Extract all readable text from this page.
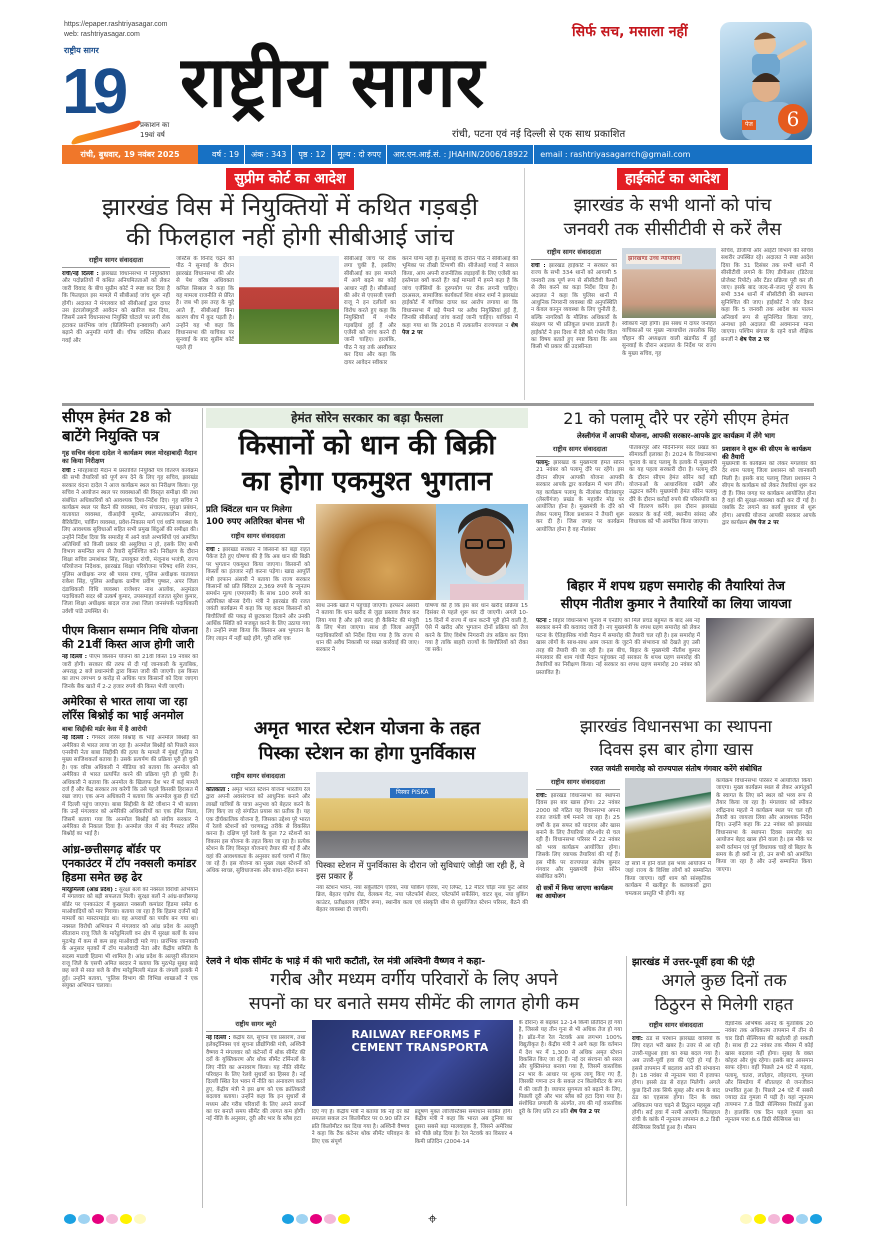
https://epaper.rashtriyasagar.com
web: rashtriyasagar.com
राष्ट्रीय सागर
19 प्रकाशन का
19वां वर्ष
राष्ट्रीय सागर
सिर्फ सच, मसाला नहीं
रांची, पटना एवं नई दिल्ली से एक साथ प्रकाशित
पेज	6
रांची, बुधवार, 19 नवंबर 2025	वर्ष : 19	अंक : 343	पृष्ठ : 12	मूल्य : दो रुपए	आर.एन.आई.सं. : JHAHIN/2006/18922	email : rashtriyasagarrch@gmail.com
सुप्रीम कोर्ट का आदेश
झारखंड विस में नियुक्तियों में कथित गड़बड़ी
की फिलहाल नहीं होगी सीबीआई जांच
राष्ट्रीय सागर संवाददाता
रांची/नई दिल्ली : झारखंड विधानसभा में नियुक्तियों और पदोन्नतियों में कथित अनियमितताओं को लेकर जारी विवाद के बीच सुप्रीम कोर्ट ने स्पष्ट कर दिया है कि फिलहाल इस मामले में सीबीआई जांच शुरू नहीं होगी। अदालत ने मंगलवार को सीबीआई द्वारा दायर उस इंटरलोक्यूटरी आवेदन को खारिज कर दिया, जिसमें उसने विधानसभा नियुक्ति घोटाले पर लगी रोक हटाकर प्रारंभिक जांच (प्रिलिमिनरी इन्क्वायरी) आगे बढ़ाने की अनुमति मांगी थी। चीफ जस्टिस बीआर गवई और
जस्टिस के विनोद चंद्रन की पीठ ने सुनवाई के दौरान झारखंड विधानसभा की ओर से पेश वरिष्ठ अधिवक्ता कपिल सिब्बल ने कहा कि यह मामला राजनीति से प्रेरित है। जब भी इस तरह के मुद्दे आते हैं, सीबीआई बिना कारण बीच में कूद पड़ती है। उन्होंने यह भी कहा कि विधानसभा की याचिका पर सुनवाई के बाद सुप्रीम कोर्ट पहले ही
सीबीआई जांच पर रोक लगा चुकी है, इसलिए सीबीआई का इस मामले में आगे बढ़ने का कोई आधार नहीं है। सीबीआई की ओर से एएसजी एसवी राजू ने इन दलीलों का विरोध करते हुए कहा कि नियुक्तियों में गंभीर गड़बड़ियां हुई हैं और एजेंसी को जांच करने दी जानी चाहिए। हालांकि, पीठ ने यह तर्क अस्वीकार कर दिया और कहा कि दायर आवेदन स्वीकार
करने योग्य नहीं है। सुनवाई के दौरान पीठ ने सीबीआई की भूमिका पर तीखी टिप्पणी की। सीजेआई गवई ने सवाल किया, आप अपनी राजनीतिक लड़ाइयों के लिए एजेंसी का इस्तेमाल क्यों करते हैं? कई मामलों में हमने कहा है कि जांच एजेंसियों के दुरुपयोग पर रोक लगनी चाहिए। दरअसल, सामाजिक कार्यकर्ता शिव शंकर शर्मा ने झारखंड हाईकोर्ट में याचिका दायर कर आरोप लगाया था कि विधानसभा में बड़े पैमाने पर अवैध नियुक्तियां हुई हैं, जिनकी सीबीआई जांच कराई जानी चाहिए। याचिका में कहा गया था कि 2018 में तत्कालीन राज्यपाल न शेष पेज 2 पर
हाईकोर्ट का आदेश
झारखंड के सभी थानों को पांच
जनवरी तक सीसीटीवी से करें लैस
राष्ट्रीय सागर संवाददाता
रांची : झारखंड हाईकोर्ट ने सरकार को राज्य के सभी 334 थानों को आगामी 5 जनवरी तक पूर्ण रूप से सीसीटीवी कैमरों से लैस करने का कड़ा निर्देश दिया है। अदालत ने कहा कि पुलिस थानों में आधुनिक निगरानी व्यवस्था की अनुपस्थिति न केवल कानून व्यवस्था के लिए चुनौती है, बल्कि नागरिकों के मौलिक अधिकारों के संरक्षण पर भी प्रतिकूल प्रभाव डालती है। हाईकोर्ट ने इस दिशा में देरी को गंभीर चिंता का विषय बताते हुए स्पष्ट किया कि अब किसी भी प्रकार की उदासीनता
झारखण्ड उच्च न्यायालय
स्वीकार्य नहीं होगी। इस संबंध में दायर जनहित याचिकाओं पर मुख्य न्यायाधीश तारलोक सिंह चौहान की अध्यक्षता वाली खंडपीठ में हुई सुनवाई के दौरान अदालत के निर्देश पर राज्य के मुख्य सचिव, गृह
सचिव, डीजीपी और आईटी विभाग की सचिव सशरीर उपस्थित रहे। अदालत ने स्पष्ट आदेश दिया कि 31 दिसंबर तक सभी थानों में सीसीटीवी लगाने के लिए डीपीआर (डिटेल्ड प्रोजेक्ट रिपोर्ट) और टेंडर प्रक्रिया पूरी कर ली जाए। इसके बाद जल्द-से-जल्द पूरे राज्य के सभी 334 थानों में सीसीटीवी की स्थापना सुनिश्चित की जाए। हाईकोर्ट ने जोर देकर कहा कि 5 जनवरी तक आदेश का पालन अनिवार्य रूप से सुनिश्चित किया जाए, अन्यथा इसे अदालत की अवमानना माना जाएगा। पश्चिम बंगाल के रहने वाले शैक्षिक बनर्जी ने शेष पेज 2 पर
सीएम हेमंत 28 को बाटेंगे नियुक्ति पत्र
गृह सचिव वंदना दादेल ने कार्यक्रम स्थल मोरहाबादी मैदान का किया निरीक्षण
रांची : मोरहाबादी मैदान में प्रस्तावित नियुक्ति पत्र वितरण कार्यक्रम की सभी तैयारियों को पूर्ण रूप देने के लिए गृह सचिव, झारखंड सरकार वंदना दादेल ने आज कार्यक्रम स्थल का निरीक्षण किया। गृह सचिव ने आयोजन स्थल पर व्यवस्थाओं की विस्तृत समीक्षा की तथा संबंधित अधिकारियों को आवश्यक दिशा-निर्देश दिए। गृह सचिव ने कार्यक्रम स्थल पर बैठने की व्यवस्था, मंच संचालन, सुरक्षा प्रबंधन, यातायात व्यवस्था, वीआईपी मूवमेंट, आपातकालीन सेवाएं, बैरिकेडिंग, पार्किंग व्यवस्था, प्रवेश-निकास मार्ग एवं ध्वनि व्यवस्था के लिए आवश्यक सुविधाओं सहित सभी प्रमुख बिंदुओं की समीक्षा की। उन्होंने निर्देश दिया कि समारोह में आने वाले अभ्यर्थियों एवं आमंत्रित अतिथियों को किसी प्रकार की असुविधा न हो, इसके लिए सभी विभाग समन्वित रूप से तैयारी सुनिश्चित करें। निरीक्षण के दौरान शिक्षा सचिव उमाशंकर सिंह, उपायुक्त रांची, मंजूनाथ भजंत्री, राज्य परियोजना निदेशक, झारखंड शिक्षा परियोजना परिषद शशि रंजन, पुलिस अधीक्षक नगर श्री पारस राणा, पुलिस अधीक्षक यातायात राकेश सिंह, पुलिस अधीक्षक ग्रामीण प्रवीण पुष्कर, अपर जिला दंडाधिकारी विधि व्यवस्था राजेश्वर नाथ आलोक, अनुमंडल पदाधिकारी सदर श्री उत्कर्ष कुमार, उपसमाहर्ता रजतत सुरेश कुमार, जिला शिक्षा अधीक्षक बादल राज तथा जिला जनसंपर्क पदाधिकारी उर्वशी पांडे उपस्थित थे।
पीएम किसान सम्मान निधि योजना की 21वीं किस्त आज होगी जारी
नई दिल्ली : पीएम किसान योजना की 21वीं किस्त 19 नवंबर को जारी होगी। सरकार की तरफ से दी गई जानकारी के मुताबिक, अपराह्न 2 बजे प्रधानमंत्री द्वारा किस्त जारी की जाएगी। इस किस्त का लाभ लगभग 9 करोड़ से अधिक पात्र किसानों को दिया जाएगा जिनके बैंक खाते में 2-2 हजार रुपये की किस्त भेजी जाएगी।
अमेरिका से भारत लाया जा रहा लॉरेंस बिश्नोई का भाई अनमोल
बाबा सिद्दीकी मर्डर केस में है आरोपी
नई दिल्ली : गैंगस्टर लॉरेंस बिश्नोई के भाई अनमोल बिश्नोई को अमेरिका से भारत लाया जा रहा है। अनमोल बिश्नोई को पिछले साल एनसीपी नेता बाबा सिद्दीकी की हत्या के मामले में मुंबई पुलिस ने मुख्य साजिशकर्ता बताया है। उसके प्रत्यर्पण की प्रक्रिया पूरी हो चुकी है। एक वरिष्ठ अधिकारी ने मीडिया को बताया कि अनमोल को अमेरिका से भारत प्रत्यर्पित करने की प्रक्रिया पूरी हो चुकी है। अधिकारी ने बताया कि अनमोल के खिलाफ देश भर में कई मामले दर्ज हैं और केंद्र सरकार तय करेगी कि उसे पहले किसकी हिरासत में रखा जाए। एक अन्य अधिकारी ने बताया कि अनमोल कुछ ही घंटों में दिल्ली पहुंच जाएगा। बाबा सिद्दीकी के बेटे जीशान ने भी बताया कि उन्हें मंगलवार को अमेरिकी अधिकारियों का एक ईमेल मिला, जिसमें बताया गया कि अनमोल बिश्नोई को संघीय सरकार ने अमेरिका से निकाल दिया है। अनमोल जेल में बंद गैंगस्टर लॉरेंस बिश्नोई का भाई है।
आंध्र-छत्तीसगढ़ बॉर्डर पर एनकाउंटर में टॉप नक्सली कमांडर हिडमा समेत छह ढेर
मारेडुमिल्ली (आंध्र प्रदेश) : सुरक्षा बलों को नक्सल विरोधी अभियान में मंगलवार को बड़ी सफलता मिली। सुरक्षा बलों ने आंध्र-छत्तीसगढ़ बॉर्डर पर एनकाउंटर में कुख्यात नक्सली कमांडर हिडमा समेत 6 माओवादियों को मार गिराया। बताया जा रहा है कि हिडमा दर्जनों बड़े मामलों का मास्टरमाइंड था। वह अपराधों का पर्याय बन गया था। नक्सल विरोधी अभियान में मंगलवार को आंध्र प्रदेश के अल्लूरी सीताराम राजू जिले के मारेडुमिल्ली वन क्षेत्र में सुरक्षा बलों के साथ मुठभेड़ में कम से कम छह माओवादी मारे गए। प्रारंभिक जानकारी के अनुसार मृतकों में टॉप माओवादी नेता और केंद्रीय समिति के सदस्य माडवी हिडमा भी शामिल है। आंध्र प्रदेश के अल्लूरी सीताराम राजू जिले के एसपी अमित बरदार ने बताया कि मुठभेड़ सुबह साढ़े छह बजे से सात बजे के बीच मारेडुमिल्ली मंडल के जंगली इलाके में हुई। उन्होंने बताया, 'पुलिस विभाग की विभिन्न शाखाओं ने एक संयुक्त अभियान चलाया।
हेमंत सोरेन सरकार का बड़ा फैसला
किसानों को धान की बिक्री
का होगा एकमुश्त भुगतान
प्रति क्विंटल धान पर मिलेगा 100 रुपए अतिरिक्त बोनस भी
राष्ट्रीय सागर संवाददाता
रांची : झारखंड सरकार ने किसानों को बड़ा राहत पैकेज देते हुए घोषणा की है कि अब धान की बिक्री पर भुगतान एकमुश्त किया जाएगा। किसानों को किस्तों का इंतजार नहीं करना पड़ेगा। खाद्य आपूर्ति मंत्री इरफान अंसारी ने बताया कि राज्य सरकार किसानों को प्रति क्विंटल 2,369 रुपये के न्यूनतम समर्थन मूल्य (एमएसपी) के साथ 100 रुपये का अतिरिक्त बोनस देगी। मंत्री ने झारखंड की रजत जयंती कार्यक्रम में कहा कि यह कदम किसानों को बिचौलियों की पकड़ से छुटकारा दिलाने और उनकी आर्थिक स्थिति को मजबूत करने के लिए उठाया गया है। उन्होंने स्पष्ट किया कि किसान अब भुगतान के लिए लाइन में नहीं खड़े होंगे, पूरी राशि एक
साथ उनके खाते में पहुंचाई जाएगी। इरफान अंसारी ने बताया कि धान खरीद से जुड़ा प्रस्ताव तैयार कर लिया गया है और इसे जल्द ही कैबिनेट की मंजूरी के लिए भेजा जाएगा। साथ ही जिला आपूर्ति पदाधिकारियों को निर्देश दिया गया है कि राज्य से धान की अवैध निकासी पर सख्त कार्रवाई की जाए। सरकार ने
घोषणा की है कि इस बार धान खरीद प्रक्रिया 15 दिसंबर से पहले शुरू कर दी जाएगी। अगले 10-15 दिनों में राज्य में धान कटनी पूरी होने वाली है, ऐसे में खरीद और भुगतान दोनों प्रक्रिया को तेज करने के लिए विशेष निगरानी तंत्र सक्रिय कर दिया गया है ताकि बाहरी राज्यों के बिचौलियों को रोका जा सके।
21 को पलामू दौरे पर रहेंगे सीएम हेमंत
लेस्लीगंज में आपकी योजना, आपकी सरकार-आपके द्वार कार्यक्रम में लेंगे भाग
राष्ट्रीय सागर संवाददाता
पलामू: झारखंड के मुख्यमंत्री हेमंत सोरेन 21 नवंबर को पलामू दौरे पर रहेंगे। इस दौरान सीएम आपकी योजना आपकी सरकार आपके द्वार कार्यक्रम में भाग लेंगे। यह कार्यक्रम पलामू के नीलांबर पीतांबरपुर (लेस्लीगंज) प्रखंड के महावीर मोड़ पर आयोजित होना है। मुख्यमंत्री के दौरे को लेकर पलामू जिला प्रशासन ने तैयारी शुरू कर दी है। जिस जगह पर कार्यक्रम आयोजित होना है वह नीलांबर
पीतांबरपुर और मेदिनीनगर सदर प्रखंड का सीमावर्ती इलाका है। 2024 के विधानसभा चुनाव के बाद पलामू के इलाके में मुख्यमंत्री का यह पहला सरकारी दौरा है। पलामू दौरे के दौरान सीएम हेमंत सोरेन कई बड़ी योजनाओं के आधारशिला रखेंगे और उद्घाटन करेंगे। मुख्यमंत्री हेमंत सोरेन पलामू दौरे के दौरान करोड़ों रुपये की परिसंपत्ति का भी वितरण करेंगे। इस दौरान झारखंड सरकार के कई मंत्री, स्थानीय सांसद और विधायक को भी आमंत्रित किया जाएगा।
प्रशासन ने शुरू की सीएम के कार्यक्रम की तैयारी
मुख्यमंत्री के कार्यक्रम को लेकर मंगलवार की देर शाम पलामू जिला प्रशासन को जानकारी मिली है। इसके बाद पलामू जिला प्रशासन ने सीएम के कार्यक्रम को लेकर तैयारियां शुरू कर दी हैं। जिस जगह पर कार्यक्रम आयोजित होना है वहां की सुरक्षा-व्यवस्था कड़ी कर दी गई है। जबकि टेंट लगाने का कार्य बुधवार से शुरू होगा। आपकी योजना आपकी सरकार आपके द्वार कार्यक्रम शेष पेज 2 पर
बिहार में शपथ ग्रहण समारोह की तैयारियां तेज
सीएम नीतीश कुमार ने तैयारियों का लिया जायजा
पटना : बिहार विधानसभा चुनाव में एनडीए को मिले प्रचंड बहुमत के बाद अब नई सरकार बनने की कवायद जारी है। नए मुख्यमंत्री के शपथ ग्रहण समारोह को लेकर पटना के ऐतिहासिक गांधी मैदान में समारोह की तैयारी चल रही है। इस समारोह में खास लोगों के साथ-साथ आम जनता के जुटने की संभावना को देखते हुए उसी तरह की तैयारी की जा रही है। इस बीच, बिहार के मुख्यमंत्री नीतीश कुमार मंगलवार की शाम गांधी मैदान पहुंचकर नई सरकार के शपथ ग्रहण समारोह की तैयारियों का निरीक्षण किया। नई सरकार का शपथ ग्रहण समारोह 20 नवंबर को प्रस्तावित है।
अमृत भारत स्टेशन योजना के तहत
पिस्का स्टेशन का होगा पुनर्विकास
राष्ट्रीय सागर संवाददाता
कौतकाता : अमृत भारत स्टेशन योजना भारतीय रेल द्वारा अपनी अवसंरचना को आधुनिक बनाने और लाखों यात्रियों के यात्रा अनुभव को बेहतर करने के लिए किए जा रहे संगठित प्रयास का प्रतीक है। यह एक दीर्घकालिक योजना है, जिसका उद्देश्य पूरे भारत में रेलवे स्टेशनों को चरणबद्ध तरीके से विकसित करना है। दक्षिण पूर्व रेलवे के कुल 72 स्टेशनों का विकास इस योजना के तहत किया जा रहा है। प्रत्येक स्टेशन के लिए विस्तृत योजनाएं तैयार की गई हैं और वहां की आवश्यकता के अनुसार कार्य चरणों में किए जा रहे हैं। इस योजना का मुख्य लक्ष्य स्टेशनों को अधिक स्वच्छ, सुविधाजनक और बाधा-रहित बनाना
पिस्का PISKA
पिस्का स्टेशन में पुनर्विकास के दौरान जो सुविधाएं जोड़ी जा रही हैं, वे इस प्रकार हैं
नया स्टेशन भवन, नया सर्कुलेटिंग एरिया, नया पार्किंग एरिया, नए लिफ्ट, 12 मीटर चौड़ा नया फुट ओवर ब्रिज, बेहतर एप्रोच रोड, वेलकम गेट, नया प्लेटफॉर्म शेल्टर, प्लेटफॉर्म सर्फेसिंग, वाटर बूथ, नया बुकिंग काउंटर, प्रतीक्षालय (वेटिंग रूम), स्थानीय कला एवं संस्कृति थीम से सुसज्जित स्टेशन परिसर, बैठने की बेहतर व्यवस्था दी जाएगी।
झारखंड विधानसभा का स्थापना
दिवस इस बार होगा खास
रजत जयंती समारोह को राज्यपाल संतोष गंगवार करेंगे संबोधित
राष्ट्रीय सागर संवाददाता
रांची: झारखंड विधानसभा का स्थापना दिवस इस बार खास होगा। 22 नवंबर 2000 को गठित यह विधानसभा अपना रजत जयंती वर्ष मनाने जा रहा है। 25 वर्षों के इस सफर को यादगार और खास बनाने के लिए तैयारियां जोर-शोर से चल रही हैं। विधानसभा परिसर में 22 नवंबर को भव्य कार्यक्रम आयोजित होगा। जिसके लिए व्यापक तैयारियां की गई हैं। इस मौके पर राज्यपाल संतोष कुमार गंगवार और मुख्यमंत्री हेमंत सोरेन संबोधित करेंगे।
दो सत्रों में किया जाएगा कार्यक्रम का आयोजन
दो सत्रों में होने वाले इस भव्य आयोजन में जहां राज्य के विशिष्ट लोगों को सम्मानित किया जाएगा। वहीं शाम को सांस्कृतिक कार्यक्रम में खलीहुर के कलाकारों द्वारा चमत्कार प्रस्तुति भी होगी। यह
कार्यक्रम विधानसभा परिसर में आयोजित किया जाएगा। मुख्य कार्यक्रम स्थल से लेकर आगंतुकों के स्वागत के लिए बने स्थल को भव्य रूप से तैयार किया जा रहा है। मंगलवार को स्पीकर रवींद्रनाथ महतो ने कार्यक्रम स्थल पर चल रही तैयारी का जायजा लिया और आवश्यक निर्देश दिए। उन्होंने कहा कि 22 नवंबर को झारखंड विधानसभा के स्थापना दिवस समारोह का आयोजन बेहद खास होने वाला है। इस मौके पर सभी वर्तमान एवं पूर्व विधायक चाहे वो बिहार के समय के ही क्यों ना हो, उन सभी को आमंत्रित किया जा रहा है और उन्हें सम्मानित किया जाएगा।
रेलवे ने थोक सीमेंट के भाड़े में की भारी कटौती, रेल मंत्री अश्विनी वैष्णव ने कहा-
गरीब और मध्यम वर्गीय परिवारों के लिए अपने
सपनों का घर बनाते समय सीमेंट की लागत होगी कम
राष्ट्रीय सागर ब्यूरो
नई दिल्ली : केंद्रीय रेल, सूचना एवं प्रसारण, तथा इलेक्ट्रॉनिक्स एवं सूचना प्रौद्योगिकी मंत्री, अश्विनी वैष्णव ने मंगलवार को कंटेनरों में थोक सीमेंट की दरों के युक्तिकरण और थोक सीमेंट टर्मिनलों के लिए नीति का अनावरण किया। यह नीति सीमेंट परिवहन के लिए रेलवे सुधारों का हिस्सा है। नई दिल्ली स्थित रेल भवन में नीति का अनावरण करते हुए, केंद्रीय मंत्री ने इस क्षण को एक क्रांतिकारी बदलाव बताया। उन्होंने कहा कि इन सुधारों से मध्यम और गरीब परिवारों के लिए अपने सपनों का घर बनाते समय सीमेंट की लागत कम होगी। नई नीति के अनुसार, दूरी और भार के स्लैब हटा
RAILWAY REFORMS F
CEMENT TRANSPORTA
दिए गए हैं। केंद्रीय मंत्री ने बताया कि नई दर को समतल सकल टन किलोमीटर पर 0.90 प्रति टन प्रति किलोमीटर कर दिया गया है। अश्विनी वैष्णव ने कहा कि टैंक कंटेनर थोक सीमेंट परिवहन के लिए एक संपूर्ण
प्रदूषण मुक्त लॉजिस्टिक्स समाधान साबित होंगे। केंद्रीय मंत्री ने कहा कि भारत अब दुनिया का दूसरा सबसे बड़ा मालवाहक है, जिसने अमेरिका को पीछे छोड़ दिया है। रेल नेटवर्क का विस्तार 4 किमी प्रतिदिन (2004-14
के दौरान) से बढ़कर 12-14 किमी प्रतिदिन हो गया है, जिससे यह तीन गुना से भी अधिक तेज हो गया है। ब्रॉड-गेज रेल नेटवर्क अब लगभग 100% विद्युतीकृत है। केंद्रीय मंत्री ने आगे कहा कि वर्तमान में देश भर में 1,300 से अधिक अमृत स्टेशन विकसित किए जा रहे हैं। नई दर संरचना को सरल और युक्तिसंगत बनाया गया है, जिसमें वास्तविक टन भार के आधार पर शुल्क लागू किए गए हैं, जिसकी गणना टन के सकल टन किलोमीटर के रूप में की जाती है। व्यापार सुगमता को बढ़ाने के लिए, पिछली दूरी और भार स्लैब को हटा दिया गया है। संशोधित प्रणाली के अंतर्गत, तय की गई वास्तविक दूरी के लिए प्रति टन प्रति शेष पेज 2 पर
झारखंड में उत्तर-पूर्वी हवा की एंट्री
अगले कुछ दिनों तक
ठिठुरन से मिलेगी राहत
राष्ट्रीय सागर संवाददाता
रांची: ठंड से परेशान झारखंड वासियों के लिए राहत भरी खबर है। उत्तर से आ रही उत्तरी-पछुआ हवा का रुख बदल गया है। अब उत्तरी-पूर्वी हवा की एंट्री हो गई है। इससे तापमान में बदलाव आने की संभावना है। 18 नवंबर से न्यूनतम पारा में इजाफा होगा। इससे ठंड से राहत मिलेगी। अगले कुछ दिनों तक सिर्फ सुबह और शाम के बाद ठंड का एहसास होगा। दिन के वक्त अधिकतम पारा चढ़ने से ठिठुरन महसूस नहीं होगी। सर्द हवा में नरमी आएगी। फिलहाल रांची के कांके में न्यूनतम तापमान 8.2 डिग्री सेल्सियस रिकॉर्ड हुआ है। मौसम
वैज्ञानिक अभिषेक आनंद के मुताबिक 20 नवंबर तक अधिकतम तापमान में तीन से चार डिग्री सेल्सियस की बढ़ोतरी हो सकती है। साथ ही 22 नवंबर तक मौसम में कोई खास बदलाव नहीं होगा। सुबह के वक्त कोहरा और धुंध रहेगा। इसके बाद आसमान साफ रहेगा। वहीं पिछले 24 घंटे में गढ़वा, पलामू, चतरा, लातेहार, लोहरदगा, गुमला और सिमडेगा में शीतलहर से जनजीवन प्रभावित हुआ है। पिछले 24 घंटे में सबसे ज्यादा ठंड गुमला में पड़ी है। यहां न्यूनतम तापमान 7.8 डिग्री सेल्सियस रिकॉर्ड हुआ है। हालांकि एक दिन पहले गुमला का न्यूनतम पारा 6.6 डिग्री सेल्सियस था।
⌖
